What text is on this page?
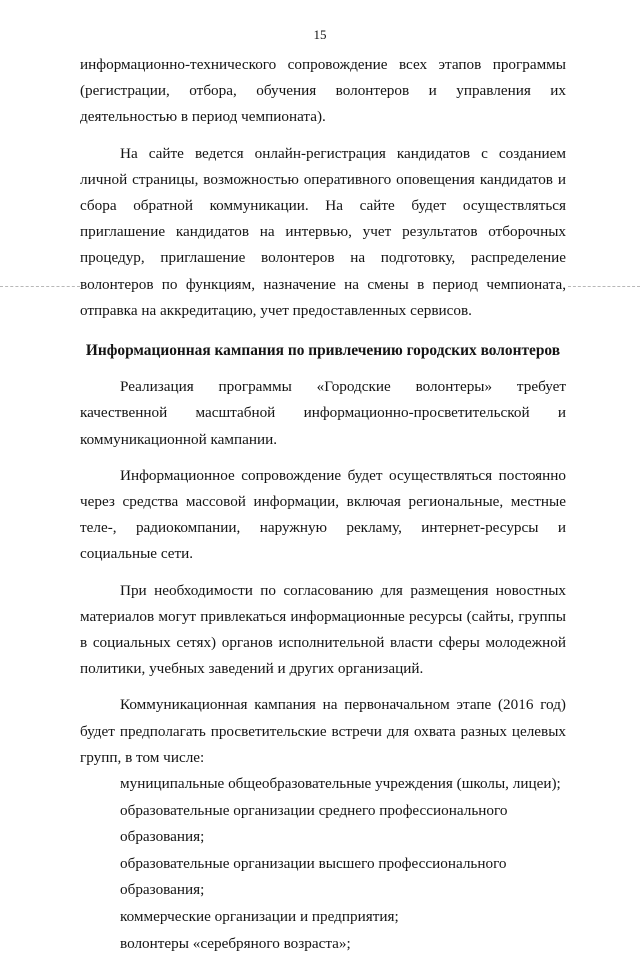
15

информационно-технического сопровождение всех этапов программы (регистрации, отбора, обучения волонтеров и управления их деятельностью в период чемпионата).

На сайте ведется онлайн-регистрация кандидатов с созданием личной страницы, возможностью оперативного оповещения кандидатов и сбора обратной коммуникации. На сайте будет осуществляться приглашение кандидатов на интервью, учет результатов отборочных процедур, приглашение волонтеров на подготовку, распределение волонтеров по функциям, назначение на смены в период чемпионата, отправка на аккредитацию, учет предоставленных сервисов.

Информационная кампания по привлечению городских волонтеров

Реализация программы «Городские волонтеры» требует качественной масштабной информационно-просветительской и коммуникационной кампании.

Информационное сопровождение будет осуществляться постоянно через средства массовой информации, включая региональные, местные теле-, радиокомпании, наружную рекламу, интернет-ресурсы и социальные сети.

При необходимости по согласованию для размещения новостных материалов могут привлекаться информационные ресурсы (сайты, группы в социальных сетях) органов исполнительной власти сферы молодежной политики, учебных заведений и других организаций.

Коммуникационная кампания на первоначальном этапе (2016 год) будет предполагать просветительские встречи для охвата разных целевых групп, в том числе:

муниципальные общеобразовательные учреждения (школы, лицеи);
образовательные организации среднего профессионального образования;
образовательные организации высшего профессионального образования;
коммерческие организации и предприятия;
волонтеры «серебряного возраста»;
